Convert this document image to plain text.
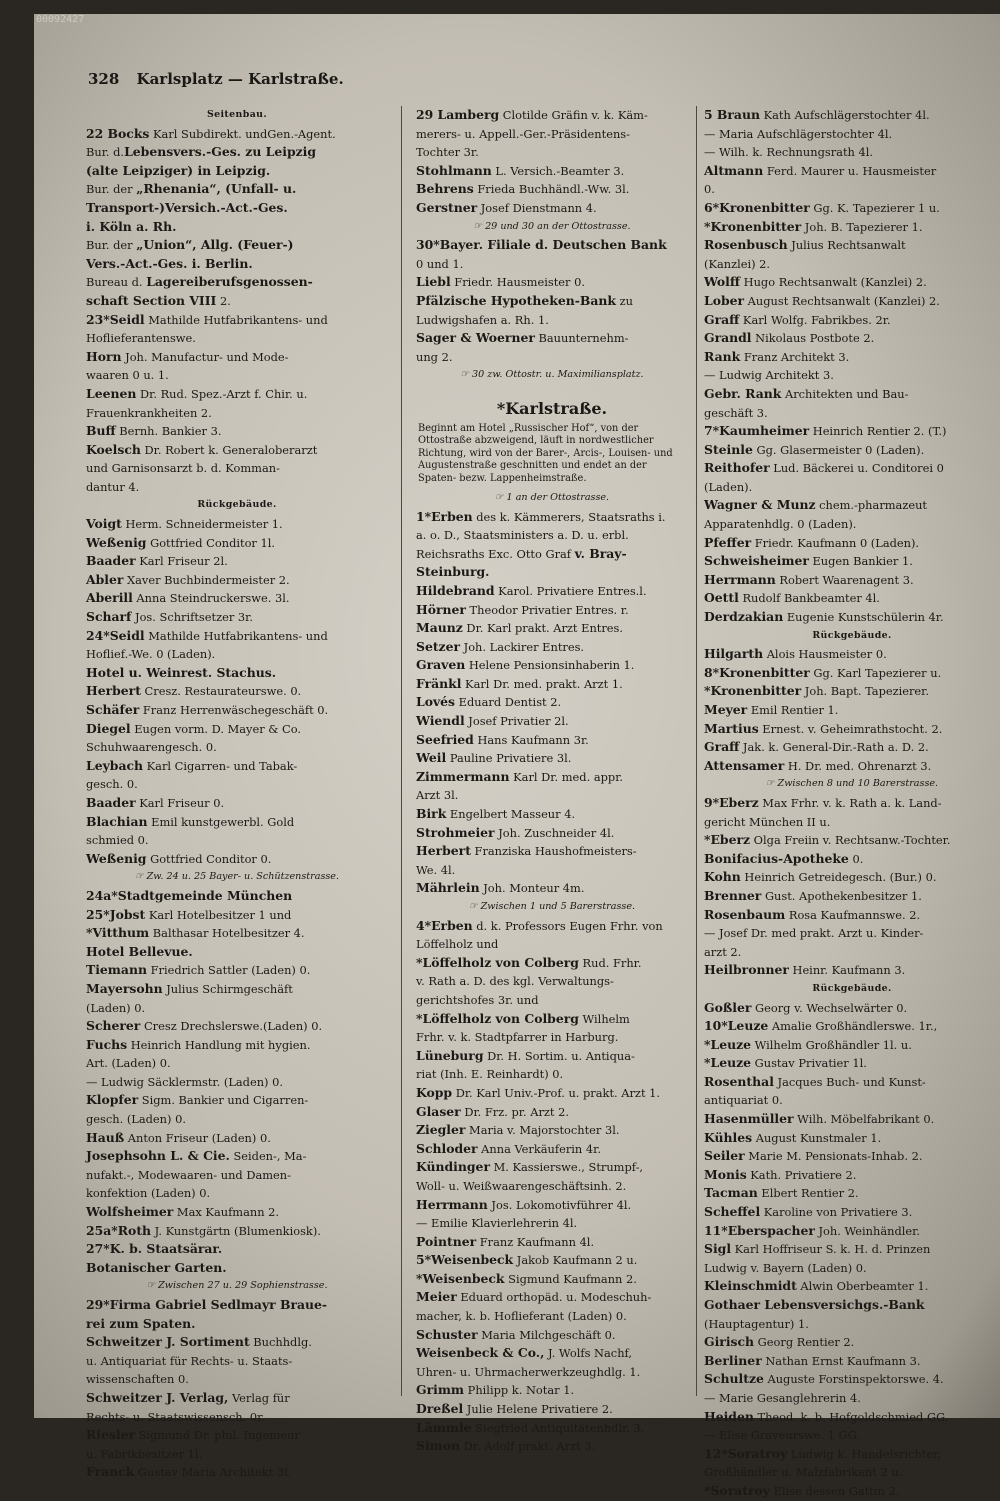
00092427
328 Karlsplatz — Karlstraße.
Seitenbau.
22 Bocks Karl Subdirekt. undGen.-Agent.
Bur. d.Lebensvers.-Ges. zu Leipzig
(alte Leipziger) in Leipzig.
Bur. der „Rhenania“, (Unfall- u.
Transport-)Versich.-Act.-Ges.
i. Köln a. Rh.
Bur. der „Union“, Allg. (Feuer-)
Vers.-Act.-Ges. i. Berlin.
Bureau d. Lagereiberufsgenossen-
schaft Section VIII 2.
23*Seidl Mathilde Hutfabrikantens- und
Hoflieferantenswe.
Horn Joh. Manufactur- und Mode-
waaren 0 u. 1.
Leenen Dr. Rud. Spez.-Arzt f. Chir. u.
Frauenkrankheiten 2.
Buff Bernh. Bankier 3.
Koelsch Dr. Robert k. Generaloberarzt
und Garnisonsarzt b. d. Komman-
dantur 4.
Rückgebäude.
Voigt Herm. Schneidermeister 1.
Weßenig Gottfried Conditor 1l.
Baader Karl Friseur 2l.
Abler Xaver Buchbindermeister 2.
Aberill Anna Steindruckerswe. 3l.
Scharf Jos. Schriftsetzer 3r.
24*Seidl Mathilde Hutfabrikantens- und
Hoflief.-We. 0 (Laden).
Hotel u. Weinrest. Stachus.
Herbert Cresz. Restaurateurswe. 0.
Schäfer Franz Herrenwäschegeschäft 0.
Diegel Eugen vorm. D. Mayer & Co.
Schuhwaarengesch. 0.
Leybach Karl Cigarren- und Tabak-
gesch. 0.
Baader Karl Friseur 0.
Blachian Emil kunstgewerbl. Gold
schmied 0.
Weßenig Gottfried Conditor 0.
☞ Zw. 24 u. 25 Bayer- u. Schützenstrasse.
24a*Stadtgemeinde München
25*Jobst Karl Hotelbesitzer 1 und
*Vitthum Balthasar Hotelbesitzer 4.
Hotel Bellevue.
Tiemann Friedrich Sattler (Laden) 0.
Mayersohn Julius Schirmgeschäft
(Laden) 0.
Scherer Cresz Drechslerswe.(Laden) 0.
Fuchs Heinrich Handlung mit hygien.
Art. (Laden) 0.
— Ludwig Säcklermstr. (Laden) 0.
Klopfer Sigm. Bankier und Cigarren-
gesch. (Laden) 0.
Hauß Anton Friseur (Laden) 0.
Josephsohn L. & Cie. Seiden-, Ma-
nufakt.-, Modewaaren- und Damen-
konfektion (Laden) 0.
Wolfsheimer Max Kaufmann 2.
25a*Roth J. Kunstgärtn (Blumenkiosk).
27*K. b. Staatsärar.
Botanischer Garten.
☞ Zwischen 27 u. 29 Sophienstrasse.
29*Firma Gabriel Sedlmayr Braue-
rei zum Spaten.
Schweitzer J. Sortiment Buchhdlg.
u. Antiquariat für Rechts- u. Staats-
wissenschaften 0.
Schweitzer J. Verlag, Verlag für
Rechts- u. Staatswissensch. 0r.
Riesler Sigmund Dr. phil. Ingenieur
u. Fabrikbesitzer 1l.
Franck Gustav Maria Architekt 3l.
29 Lamberg Clotilde Gräfin v. k. Käm-
merers- u. Appell.-Ger.-Präsidentens-
Tochter 3r.
Stohlmann L. Versich.-Beamter 3.
Behrens Frieda Buchhändl.-Ww. 3l.
Gerstner Josef Dienstmann 4.
☞ 29 und 30 an der Ottostrasse.
30*Bayer. Filiale d. Deutschen Bank
0 und 1.
Liebl Friedr. Hausmeister 0.
Pfälzische Hypotheken-Bank zu
Ludwigshafen a. Rh. 1.
Sager & Woerner Bauunternehm-
ung 2.
☞ 30 zw. Ottostr. u. Maximiliansplatz.
*Karlstraße.
Beginnt am Hotel „Russischer Hof“, von der Ottostraße abzweigend, läuft in nordwestlicher Richtung, wird von der Barer-, Arcis-, Louisen- und Augustenstraße geschnitten und endet an der Spaten- bezw. Lappenheimstraße.
☞ 1 an der Ottostrasse.
1*Erben des k. Kämmerers, Staatsraths i.
a. o. D., Staatsministers a. D. u. erbl.
Reichsraths Exc. Otto Graf v. Bray-
Steinburg.
Hildebrand Karol. Privatiere Entres.l.
Hörner Theodor Privatier Entres. r.
Maunz Dr. Karl prakt. Arzt Entres.
Setzer Joh. Lackirer Entres.
Graven Helene Pensionsinhaberin 1.
Fränkl Karl Dr. med. prakt. Arzt 1.
Lovés Eduard Dentist 2.
Wiendl Josef Privatier 2l.
Seefried Hans Kaufmann 3r.
Weil Pauline Privatiere 3l.
Zimmermann Karl Dr. med. appr.
Arzt 3l.
Birk Engelbert Masseur 4.
Strohmeier Joh. Zuschneider 4l.
Herbert Franziska Haushofmeisters-
We. 4l.
Mährlein Joh. Monteur 4m.
☞ Zwischen 1 und 5 Barerstrasse.
4*Erben d. k. Professors Eugen Frhr. von
Löffelholz und
*Löffelholz von Colberg Rud. Frhr.
v. Rath a. D. des kgl. Verwaltungs-
gerichtshofes 3r. und
*Löffelholz von Colberg Wilhelm
Frhr. v. k. Stadtpfarrer in Harburg.
Lüneburg Dr. H. Sortim. u. Antiqua-
riat (Inh. E. Reinhardt) 0.
Kopp Dr. Karl Univ.-Prof. u. prakt. Arzt 1.
Glaser Dr. Frz. pr. Arzt 2.
Ziegler Maria v. Majorstochter 3l.
Schloder Anna Verkäuferin 4r.
Kündinger M. Kassierswe., Strumpf-,
Woll- u. Weißwaarengeschäftsinh. 2.
Herrmann Jos. Lokomotivführer 4l.
— Emilie Klavierlehrerin 4l.
Pointner Franz Kaufmann 4l.
5*Weisenbeck Jakob Kaufmann 2 u.
*Weisenbeck Sigmund Kaufmann 2.
Meier Eduard orthopäd. u. Modeschuh-
macher, k. b. Hoflieferant (Laden) 0.
Schuster Maria Milchgeschäft 0.
Weisenbeck & Co., J. Wolfs Nachf,
Uhren- u. Uhrmacherwerkzeughdlg. 1.
Grimm Philipp k. Notar 1.
Dreßel Julie Helene Privatiere 2.
Lämmle Siegfried Antiquitätenhdlr. 3.
Simon Dr. Adolf prakt. Arzt 3.
5 Braun Kath Aufschlägerstochter 4l.
— Maria Aufschlägerstochter 4l.
— Wilh. k. Rechnungsrath 4l.
Altmann Ferd. Maurer u. Hausmeister
0.
6*Kronenbitter Gg. K. Tapezierer 1 u.
*Kronenbitter Joh. B. Tapezierer 1.
Rosenbusch Julius Rechtsanwalt
(Kanzlei) 2.
Wolff Hugo Rechtsanwalt (Kanzlei) 2.
Lober August Rechtsanwalt (Kanzlei) 2.
Graff Karl Wolfg. Fabrikbes. 2r.
Grandl Nikolaus Postbote 2.
Rank Franz Architekt 3.
— Ludwig Architekt 3.
Gebr. Rank Architekten und Bau-
geschäft 3.
7*Kaumheimer Heinrich Rentier 2. (T.)
Steinle Gg. Glasermeister 0 (Laden).
Reithofer Lud. Bäckerei u. Conditorei 0
(Laden).
Wagner & Munz chem.-pharmazeut
Apparatenhdlg. 0 (Laden).
Pfeffer Friedr. Kaufmann 0 (Laden).
Schweisheimer Eugen Bankier 1.
Herrmann Robert Waarenagent 3.
Oettl Rudolf Bankbeamter 4l.
Derdzakian Eugenie Kunstschülerin 4r.
Rückgebäude.
Hilgarth Alois Hausmeister 0.
8*Kronenbitter Gg. Karl Tapezierer u.
*Kronenbitter Joh. Bapt. Tapezierer.
Meyer Emil Rentier 1.
Martius Ernest. v. Geheimrathstocht. 2.
Graff Jak. k. General-Dir.-Rath a. D. 2.
Attensamer H. Dr. med. Ohrenarzt 3.
☞ Zwischen 8 und 10 Barerstrasse.
9*Eberz Max Frhr. v. k. Rath a. k. Land-
gericht München II u.
*Eberz Olga Freiin v. Rechtsanw.-Tochter.
Bonifacius-Apotheke 0.
Kohn Heinrich Getreidegesch. (Bur.) 0.
Brenner Gust. Apothekenbesitzer 1.
Rosenbaum Rosa Kaufmannswe. 2.
— Josef Dr. med prakt. Arzt u. Kinder-
arzt 2.
Heilbronner Heinr. Kaufmann 3.
Rückgebäude.
Goßler Georg v. Wechselwärter 0.
10*Leuze Amalie Großhändlerswe. 1r.,
*Leuze Wilhelm Großhändler 1l. u.
*Leuze Gustav Privatier 1l.
Rosenthal Jacques Buch- und Kunst-
antiquariat 0.
Hasenmüller Wilh. Möbelfabrikant 0.
Kühles August Kunstmaler 1.
Seiler Marie M. Pensionats-Inhab. 2.
Monis Kath. Privatiere 2.
Tacman Elbert Rentier 2.
Scheffel Karoline von Privatiere 3.
11*Eberspacher Joh. Weinhändler.
Sigl Karl Hoffriseur S. k. H. d. Prinzen
Ludwig v. Bayern (Laden) 0.
Kleinschmidt Alwin Oberbeamter 1.
Gothaer Lebensversichgs.-Bank
(Hauptagentur) 1.
Girisch Georg Rentier 2.
Berliner Nathan Ernst Kaufmann 3.
Schultze Auguste Forstinspektorswe. 4.
— Marie Gesanglehrerin 4.
Heiden Theod. k. b. Hofgoldschmied GG.
— Elise Graveurswe. 1 GG.
12*Soratroy Ludwig k. Handelsrichter,
Großhändler u. Malzfabrikant 2 u.
*Soratroy Elise dessen Gattin 2.
